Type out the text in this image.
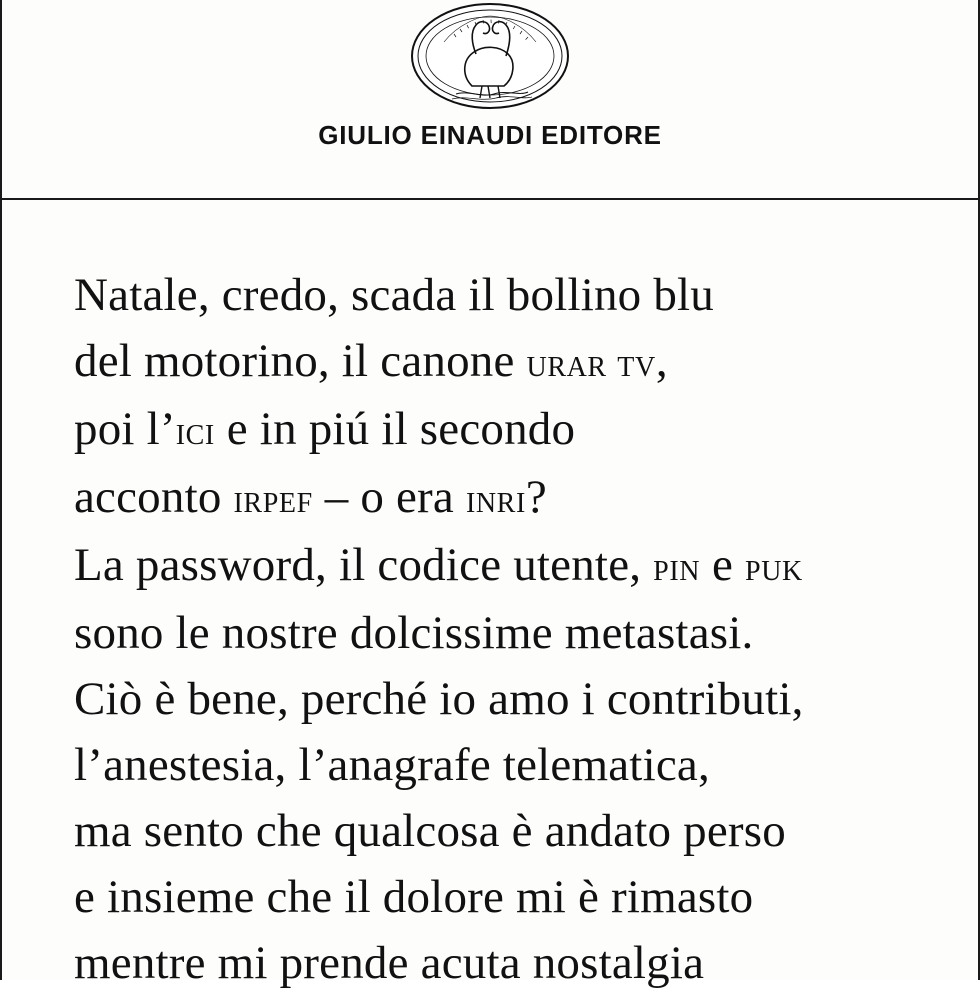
GIULIO EINAUDI EDITORE
Natale, credo, scada il bollino blu
del motorino, il canone urar tv,
poi l’ici e in piú il secondo
acconto irpef – o era inri?
La password, il codice utente, pin e puk
sono le nostre dolcissime metastasi.
Ciò è bene, perché io amo i contributi,
l’anestesia, l’anagrafe telematica,
ma sento che qualcosa è andato perso
e insieme che il dolore mi è rimasto
mentre mi prende acuta nostalgia
